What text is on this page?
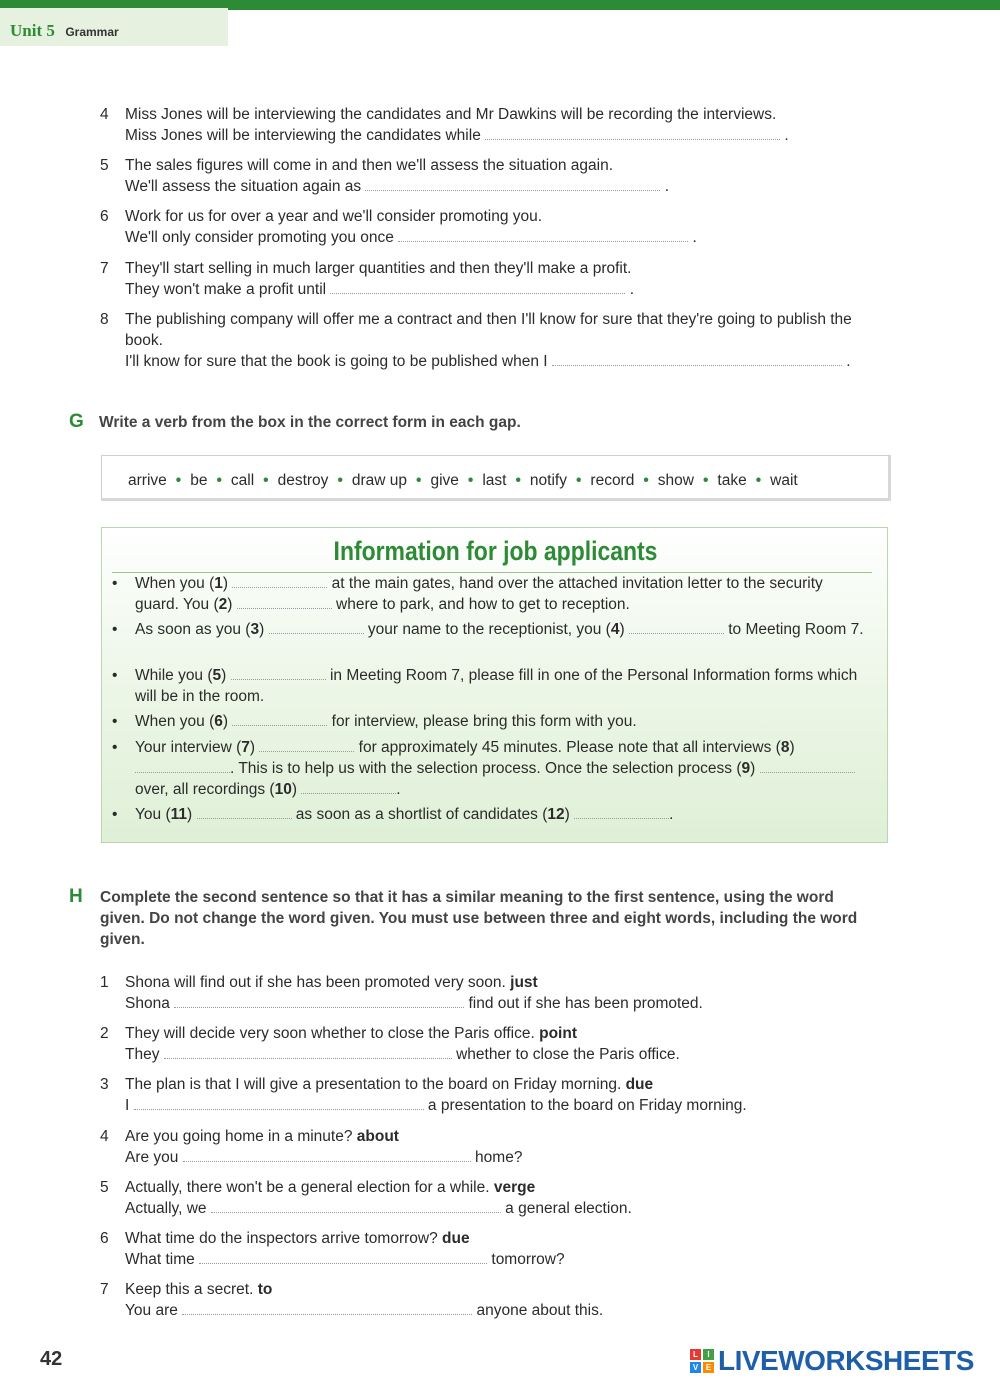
Unit 5 Grammar
4	Miss Jones will be interviewing the candidates and Mr Dawkins will be recording the interviews.
Miss Jones will be interviewing the candidates while	.
5	The sales figures will come in and then we'll assess the situation again.
We'll assess the situation again as	.
6	Work for us for over a year and we'll consider promoting you.
We'll only consider promoting you once	.
7	They'll start selling in much larger quantities and then they'll make a profit.
They won't make a profit until	.
8	The publishing company will offer me a contract and then I'll know for sure that they're going to publish the book.
I'll know for sure that the book is going to be published when I	.
G Write a verb from the box in the correct form in each gap.
arrive • be • call • destroy • draw up • give • last • notify • record • show • take • wait
Information for job applicants
• When you (1)	at the main gates, hand over the attached invitation letter to the security guard. You (2)	where to park, and how to get to reception.
• As soon as you (3)	your name to the receptionist, you (4)	to Meeting Room 7.
• While you (5)	in Meeting Room 7, please fill in one of the Personal Information forms which will be in the room.
• When you (6)	for interview, please bring this form with you.
• Your interview (7)	for approximately 45 minutes. Please note that all interviews (8) . This is to help us with the selection process. Once the selection process (9)  over, all recordings (10)	.
• You (11)	as soon as a shortlist of candidates (12)	.
H Complete the second sentence so that it has a similar meaning to the first sentence, using the word given. Do not change the word given. You must use between three and eight words, including the word given.
1	Shona will find out if she has been promoted very soon. just
Shona	find out if she has been promoted.
2	They will decide very soon whether to close the Paris office. point
They	whether to close the Paris office.
3	The plan is that I will give a presentation to the board on Friday morning. due
I	a presentation to the board on Friday morning.
4	Are you going home in a minute? about
Are you	home?
5	Actually, there won't be a general election for a while. verge
Actually, we	a general election.
6	What time do the inspectors arrive tomorrow? due
What time	tomorrow?
7	Keep this a secret. to
You are	anyone about this.
42	L	I
V E LIVEWORKSHEETS
